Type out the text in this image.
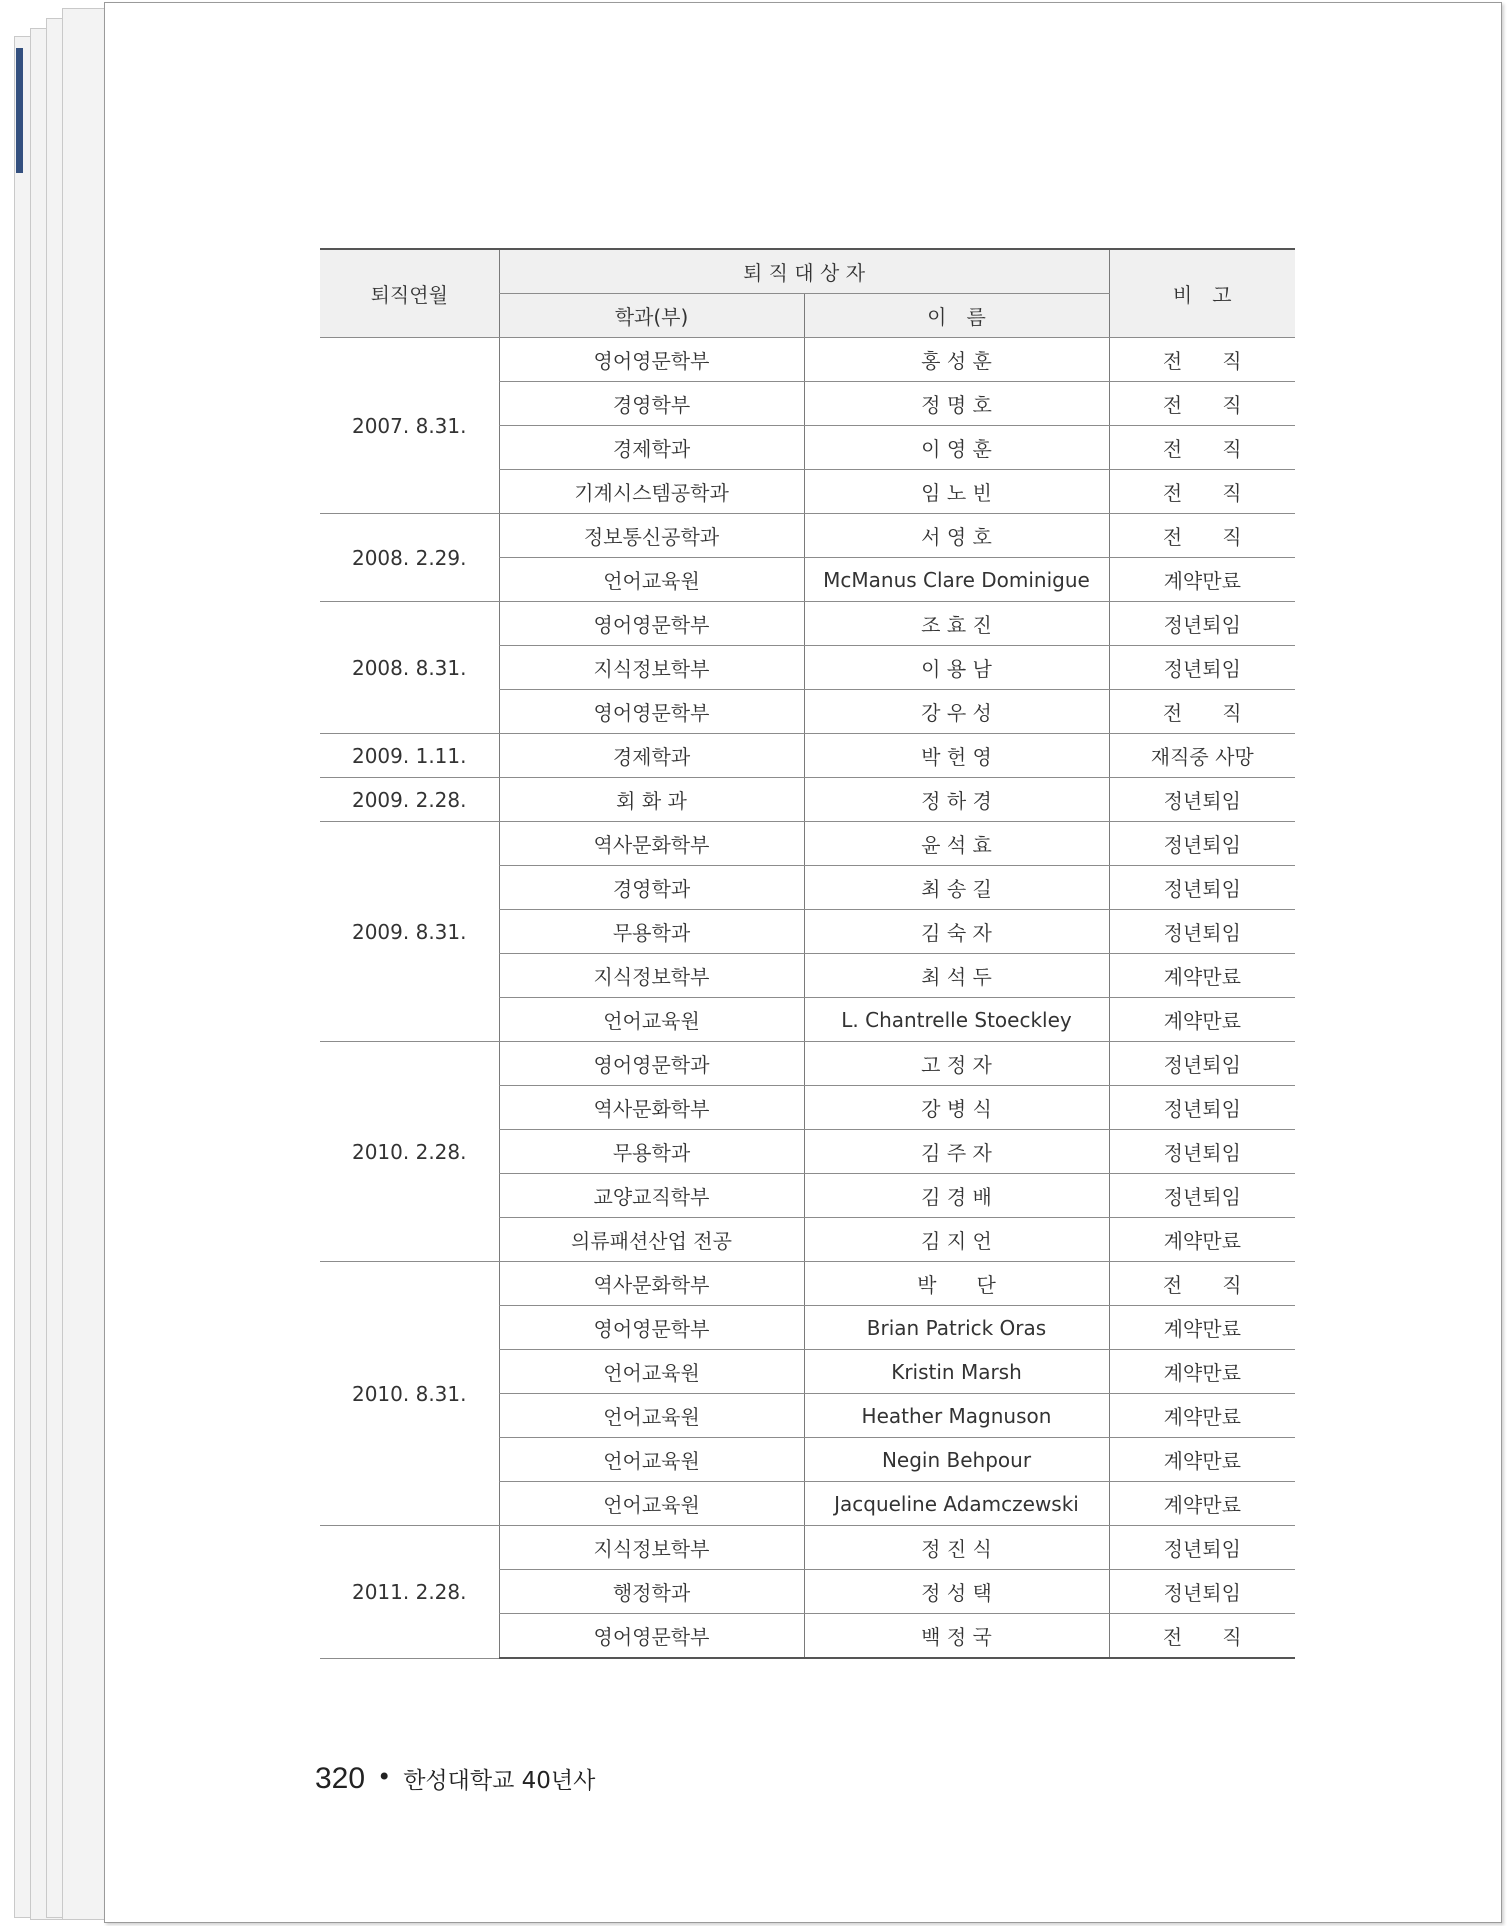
퇴직연월	퇴 직 대 상 자		비　고
	학과(부)	이　름	
2007. 8.31.	영어영문학부	홍 성 훈	전　　직
	경영학부	정 명 호	전　　직
	경제학과	이 영 훈	전　　직
	기계시스템공학과	임 노 빈	전　　직
2008. 2.29.	정보통신공학과	서 영 호	전　　직
	언어교육원	McManus Clare Dominigue	계약만료
2008. 8.31.	영어영문학부	조 효 진	정년퇴임
	지식정보학부	이 용 남	정년퇴임
	영어영문학부	강 우 성	전　　직
2009. 1.11.	경제학과	박 헌 영	재직중 사망
2009. 2.28.	회 화 과	정 하 경	정년퇴임
2009. 8.31.	역사문화학부	윤 석 효	정년퇴임
	경영학과	최 송 길	정년퇴임
	무용학과	김 숙 자	정년퇴임
	지식정보학부	최 석 두	계약만료
	언어교육원	L. Chantrelle Stoeckley	계약만료
2010. 2.28.	영어영문학과	고 정 자	정년퇴임
	역사문화학부	강 병 식	정년퇴임
	무용학과	김 주 자	정년퇴임
	교양교직학부	김 경 배	정년퇴임
	의류패션산업 전공	김 지 언	계약만료
2010. 8.31.	역사문화학부	박　　단	전　　직
	영어영문학부	Brian Patrick Oras	계약만료
	언어교육원	Kristin Marsh	계약만료
	언어교육원	Heather Magnuson	계약만료
	언어교육원	Negin Behpour	계약만료
	언어교육원	Jacqueline Adamczewski	계약만료
2011. 2.28.	지식정보학부	정 진 식	정년퇴임
	행정학과	정 성 택	정년퇴임
	영어영문학부	백 정 국	전　　직
320 • 한성대학교 40년사
